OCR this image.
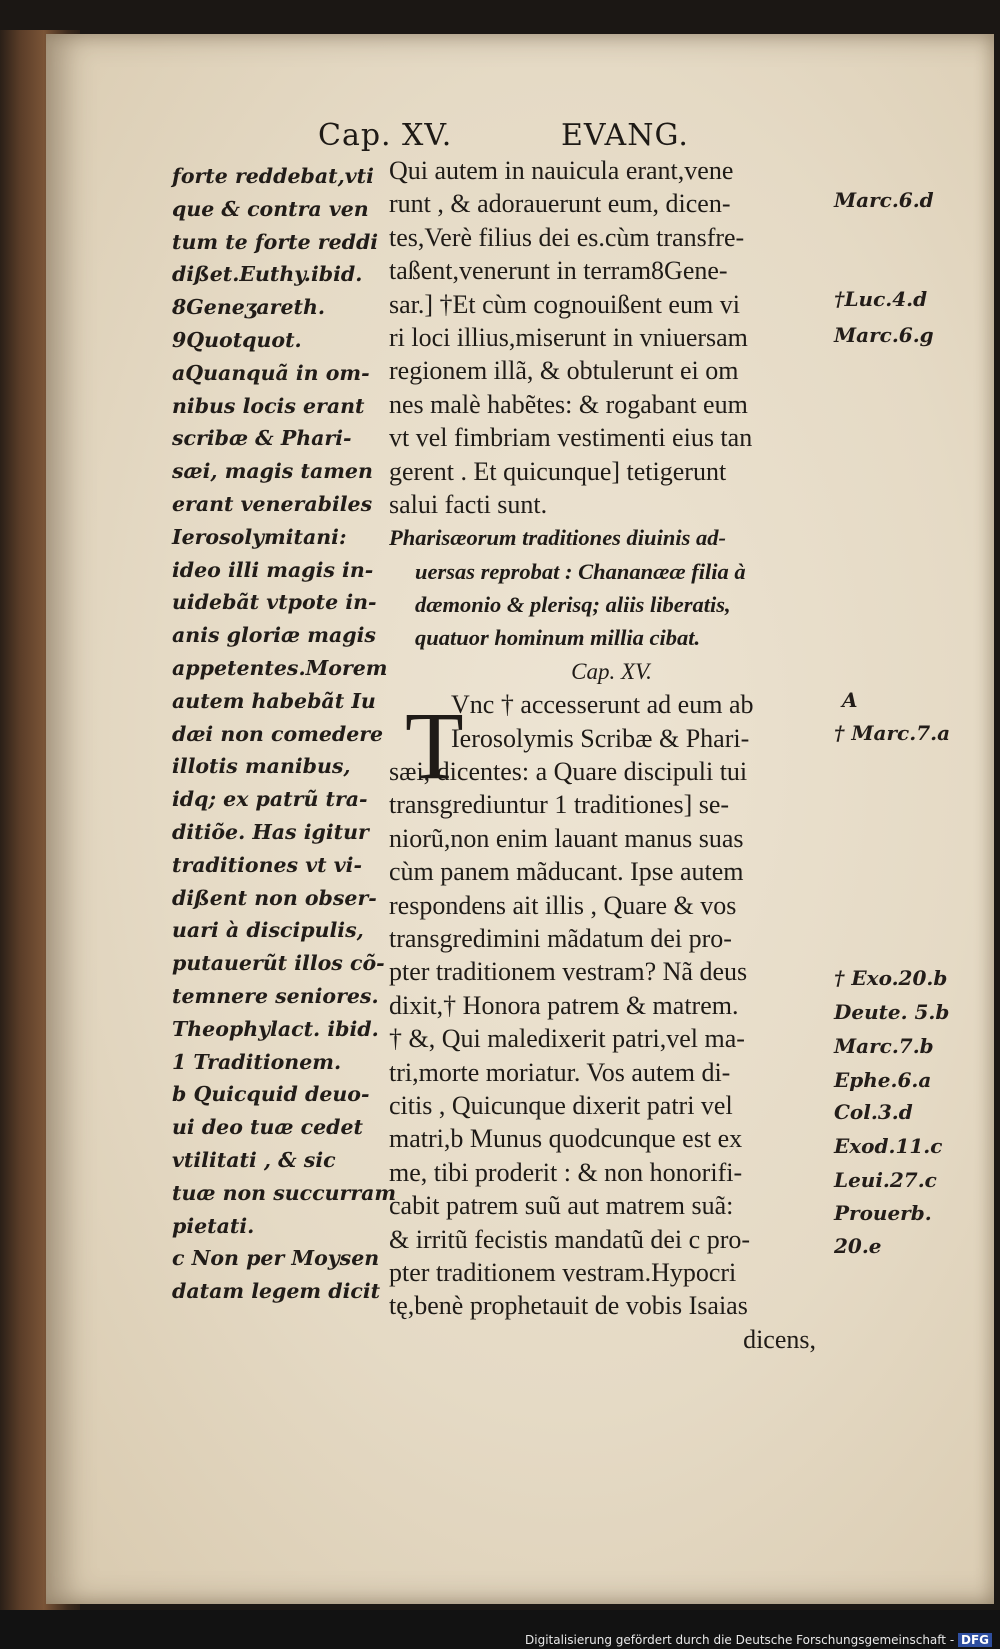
Cap. XV.	EVANG.
forte reddebat,vti
que & contra ven
tum te forte reddi
dißet.Euthy.ibid.
8Geneʒareth.
9Quotquot.
aQuanquã in om-
nibus locis erant
scribæ & Phari-
sæi, magis tamen
erant venerabiles
Ierosolymitani:
ideo illi magis in-
uidebãt vtpote in-
anis gloriæ magis
appetentes.Morem
autem habebãt Iu
dæi non comedere
illotis manibus,
idq; ex patrũ tra-
ditiõe. Has igitur
traditiones vt vi-
dißent non obser-
uari à discipulis,
putauerũt illos cõ-
temnere seniores.
Theophylact. ibid.
1 Traditionem.
b Quicquid deuo-
ui deo tuæ cedet
vtilitati , & sic
tuæ non succurram
pietati.
c Non per Moysen
datam legem dicit
Qui autem in nauicula erant,vene
runt , & adorauerunt eum, dicen-
tes,Verè filius dei es.cùm transfre-
taßent,venerunt in terram8Gene-
sar.] †Et cùm cognouißent eum vi
ri loci illius,miserunt in vniuersam
regionem illã, & obtulerunt ei om
nes malè habẽtes: & rogabant eum
vt vel fimbriam vestimenti eius tan
gerent . Et quicunque] tetigerunt
salui facti sunt.
Pharisæorum traditiones diuinis ad-
uersas reprobat : Chananææ filia à
dæmonio & plerisq; aliis liberatis,
quatuor hominum millia cibat.
Cap. XV.
Vnc † accesserunt ad eum ab
Ierosolymis Scribæ & Phari-
sæi, dicentes: a Quare discipuli tui
transgrediuntur 1 traditiones] se-
niorũ,non enim lauant manus suas
cùm panem mãducant. Ipse autem
respondens ait illis , Quare & vos
transgredimini mãdatum dei pro-
pter traditionem vestram? Nã deus
dixit,† Honora patrem & matrem.
† &, Qui maledixerit patri,vel ma-
tri,morte moriatur. Vos autem di-
citis , Quicunque dixerit patri vel
matri,b Munus quodcunque est ex
me, tibi proderit : & non honorifi-
cabit patrem suũ aut matrem suã:
& irritũ fecistis mandatũ dei c pro-
pter traditionem vestram.Hypocri
tę,benè prophetauit de vobis Isaias
dicens,
T
Marc.6.d
†Luc.4.d
Marc.6.g
A
† Marc.7.a
† Exo.20.b
Deute. 5.b
Marc.7.b
Ephe.6.a
Col.3.d
Exod.11.c
Leui.27.c
Prouerb.
20.e
Digitalisierung gefördert durch die Deutsche Forschungsgemeinschaft - DFG
